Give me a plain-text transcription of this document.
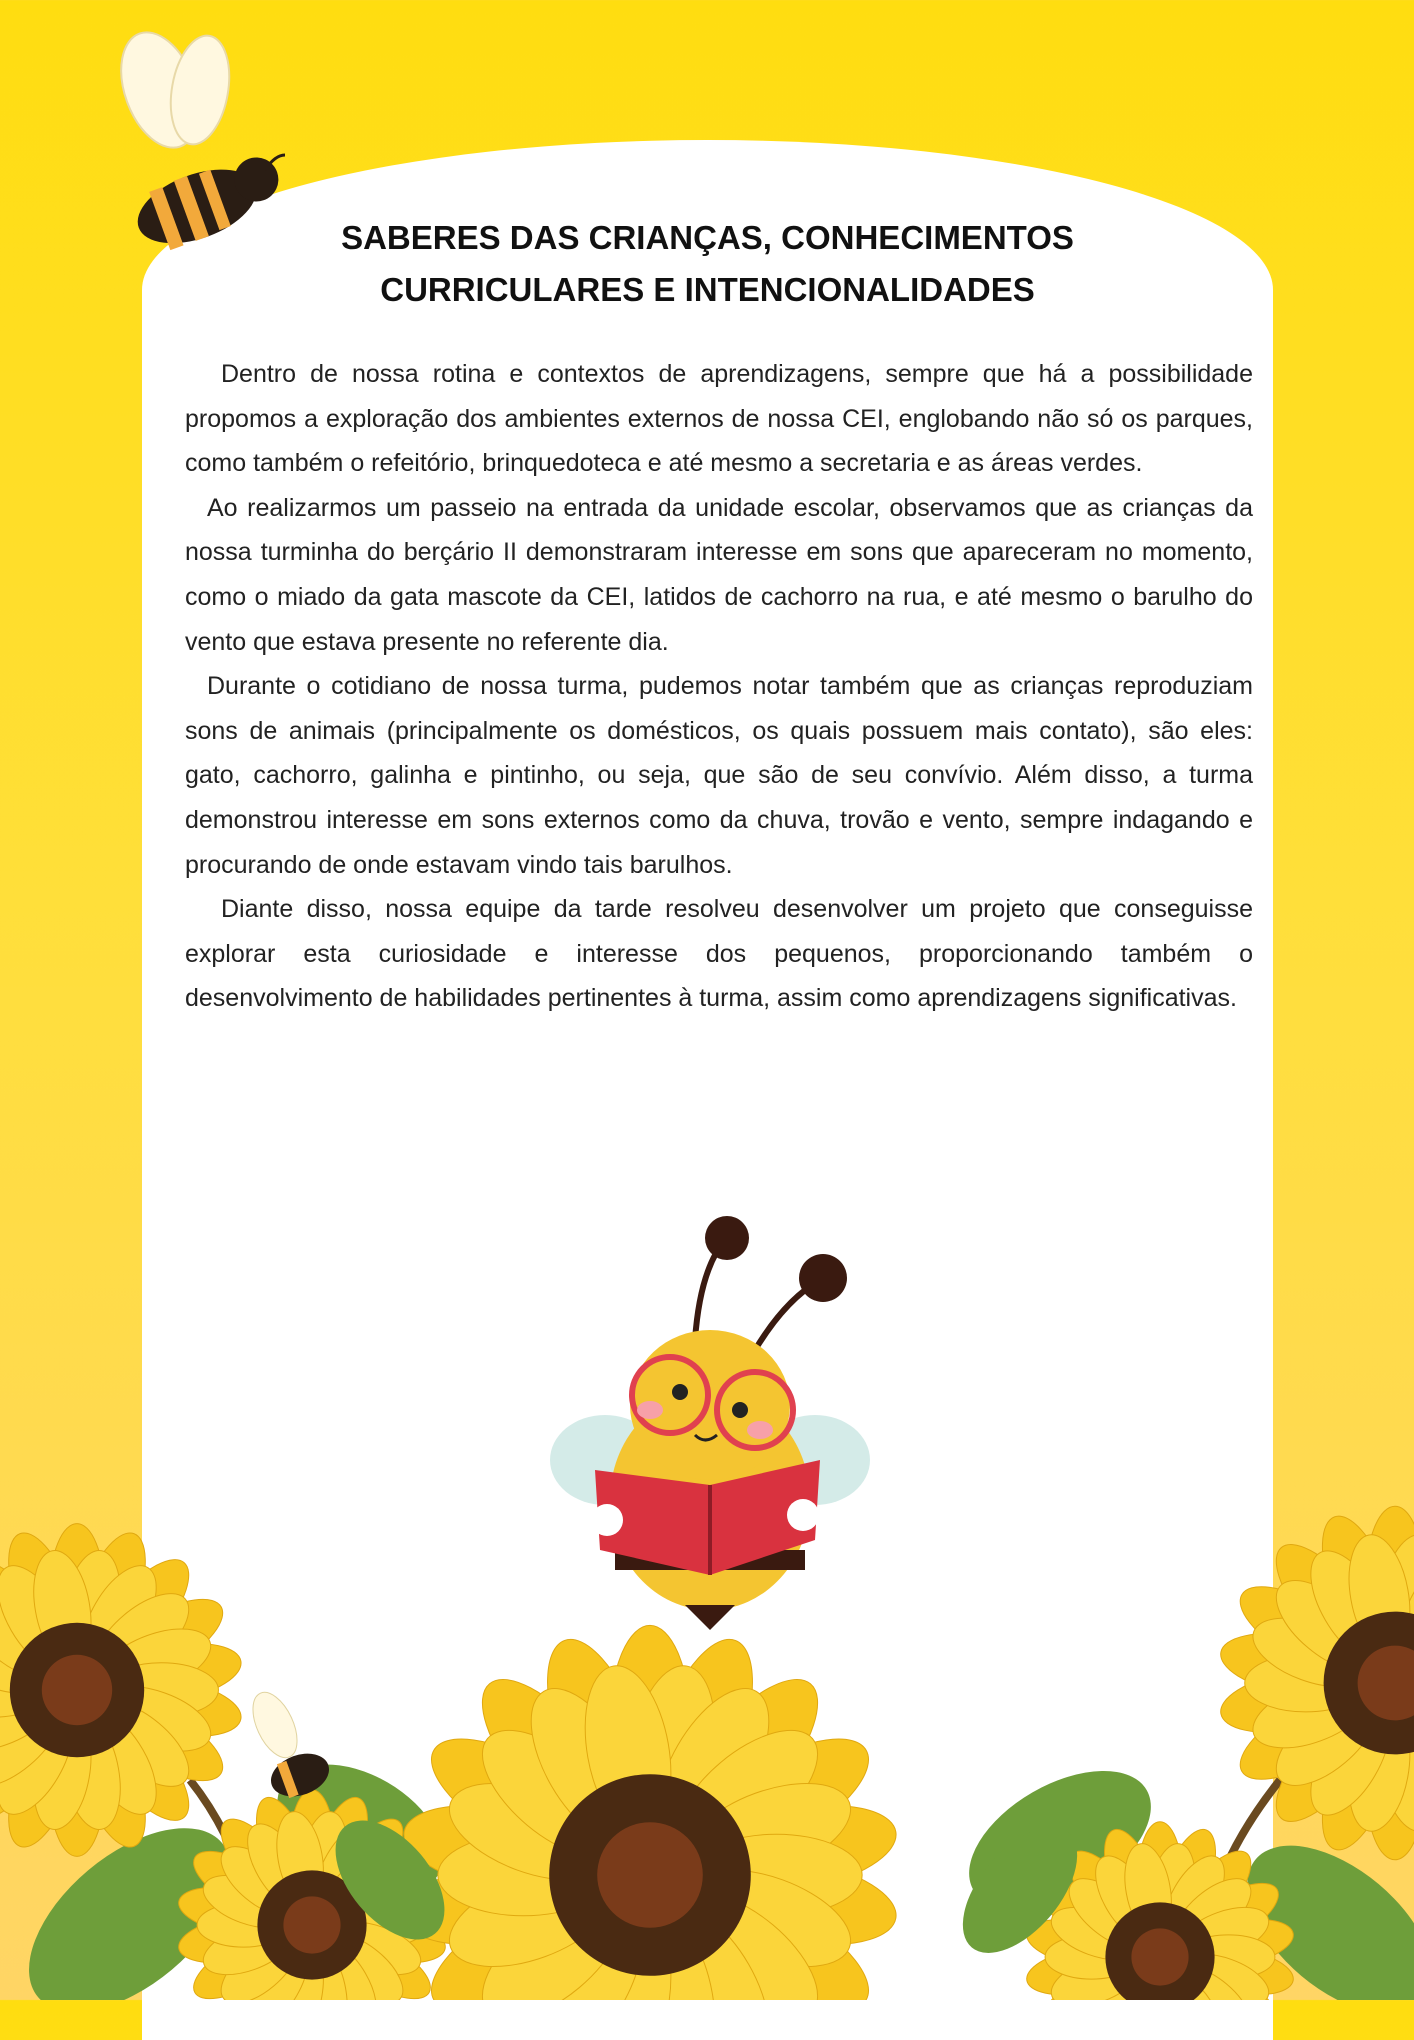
SABERES DAS CRIANÇAS, CONHECIMENTOS
CURRICULARES E INTENCIONALIDADES

Dentro de nossa rotina e contextos de aprendizagens, sempre que há a possibilidade propomos a exploração dos ambientes externos de nossa CEI, englobando não só os parques, como também o refeitório, brinquedoteca e até mesmo a secretaria e as áreas verdes.

Ao realizarmos um passeio na entrada da unidade escolar, observamos que as crianças da nossa turminha do berçário II demonstraram interesse em sons que apareceram no momento, como o miado da gata mascote da CEI, latidos de cachorro na rua, e até mesmo o barulho do vento que estava presente no referente dia.

Durante o cotidiano de nossa turma, pudemos notar também que as crianças reproduziam sons de animais (principalmente os domésticos, os quais possuem mais contato), são eles: gato, cachorro, galinha e pintinho, ou seja, que são de seu convívio. Além disso, a turma demonstrou interesse em sons externos como da chuva, trovão e vento, sempre indagando e procurando de onde estavam vindo tais barulhos.

Diante disso, nossa equipe da tarde resolveu desenvolver um projeto que conseguisse explorar esta curiosidade e interesse dos pequenos, proporcionando também o desenvolvimento de habilidades pertinentes à turma, assim como aprendizagens significativas.
